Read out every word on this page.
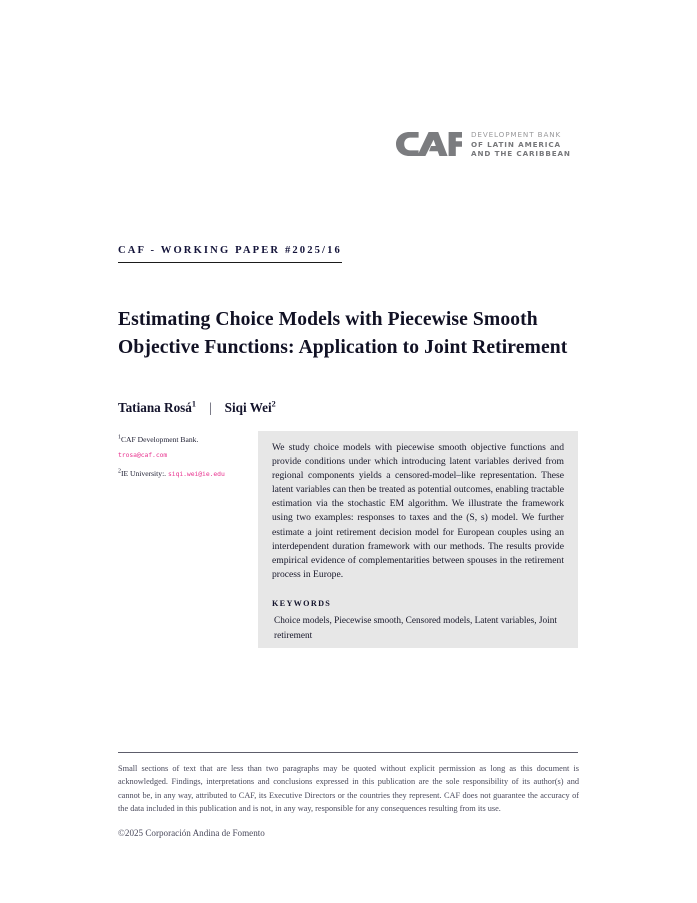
DEVELOPMENT BANK
OF LATIN AMERICA
AND THE CARIBBEAN
CAF - WORKING PAPER #2025/16
Estimating Choice Models with Piecewise Smooth Objective Functions: Application to Joint Retirement
Tatiana Rosá$^1$ | Siqi Wei$^2$
$^1$CAF Development Bank.
trosa@caf.com
$^2$IE University:. siqi.wei@ie.edu

We study choice models with piecewise smooth objective functions and provide conditions under which introducing latent variables derived from regional components yields a censored-model–like representation. These latent variables can then be treated as potential outcomes, enabling tractable estimation via the stochastic EM algorithm. We illustrate the framework using two examples: responses to taxes and the (S, s) model. We further estimate a joint retirement decision model for European couples using an interdependent duration framework with our methods. The results provide empirical evidence of complementarities between spouses in the retirement process in Europe.

KEYWORDS

Choice models, Piecewise smooth, Censored models, Latent variables, Joint retirement

Small sections of text that are less than two paragraphs may be quoted without explicit permission as long as this document is acknowledged. Findings, interpretations and conclusions expressed in this publication are the sole responsibility of its author(s) and cannot be, in any way, attributed to CAF, its Executive Directors or the countries they represent. CAF does not guarantee the accuracy of the data included in this publication and is not, in any way, responsible for any consequences resulting from its use.

©2025 Corporación Andina de Fomento
